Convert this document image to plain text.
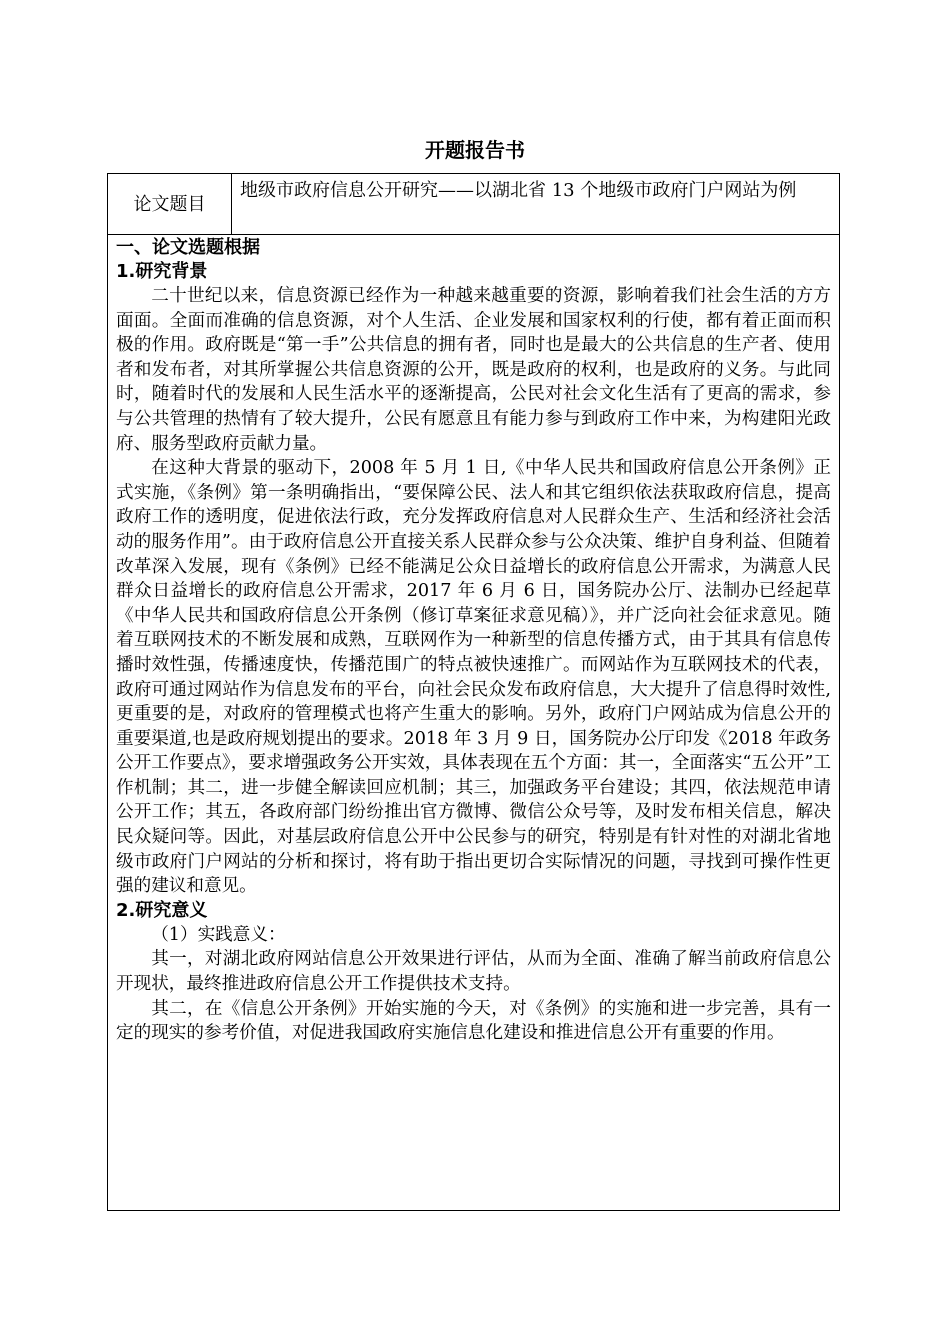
开题报告书
论文题目	地级市政府信息公开研究——以湖北省 13 个地级市政府门户网站为例

一、论文选题根据
1.研究背景

二十世纪以来，信息资源已经作为一种越来越重要的资源，影响着我们社会生活的方方面面。全面而准确的信息资源，对个人生活、企业发展和国家权利的行使，都有着正面而积极的作用。政府既是“第一手”公共信息的拥有者，同时也是最大的公共信息的生产者、使用者和发布者，对其所掌握公共信息资源的公开，既是政府的权利，也是政府的义务。与此同时，随着时代的发展和人民生活水平的逐渐提高，公民对社会文化生活有了更高的需求，参与公共管理的热情有了较大提升，公民有愿意且有能力参与到政府工作中来，为构建阳光政府、服务型政府贡献力量。

在这种大背景的驱动下，2008 年 5 月 1 日,《中华人民共和国政府信息公开条例》正式实施，《条例》第一条明确指出，“要保障公民、法人和其它组织依法获取政府信息，提高政府工作的透明度，促进依法行政，充分发挥政府信息对人民群众生产、生活和经济社会活动的服务作用”。由于政府信息公开直接关系人民群众参与公众决策、维护自身利益、但随着改革深入发展，现有《条例》已经不能满足公众日益增长的政府信息公开需求，为满意人民群众日益增长的政府信息公开需求，2017 年 6 月 6 日，国务院办公厅、法制办已经起草《中华人民共和国政府信息公开条例（修订草案征求意见稿）》，并广泛向社会征求意见。随着互联网技术的不断发展和成熟，互联网作为一种新型的信息传播方式，由于其具有信息传播时效性强，传播速度快，传播范围广的特点被快速推广。而网站作为互联网技术的代表，政府可通过网站作为信息发布的平台，向社会民众发布政府信息，大大提升了信息得时效性,更重要的是，对政府的管理模式也将产生重大的影响。另外，政府门户网站成为信息公开的重要渠道,也是政府规划提出的要求。2018 年 3 月 9 日，国务院办公厅印发《2018 年政务公开工作要点》，要求增强政务公开实效，具体表现在五个方面：其一，全面落实“五公开”工作机制；其二，进一步健全解读回应机制；其三，加强政务平台建设；其四，依法规范申请公开工作；其五，各政府部门纷纷推出官方微博、微信公众号等，及时发布相关信息，解决民众疑问等。因此，对基层政府信息公开中公民参与的研究，特别是有针对性的对湖北省地级市政府门户网站的分析和探讨，将有助于指出更切合实际情况的问题，寻找到可操作性更强的建议和意见。

2.研究意义

（1）实践意义：

其一，对湖北政府网站信息公开效果进行评估，从而为全面、准确了解当前政府信息公开现状，最终推进政府信息公开工作提供技术支持。

其二，在《信息公开条例》开始实施的今天，对《条例》的实施和进一步完善，具有一定的现实的参考价值，对促进我国政府实施信息化建设和推进信息公开有重要的作用。
